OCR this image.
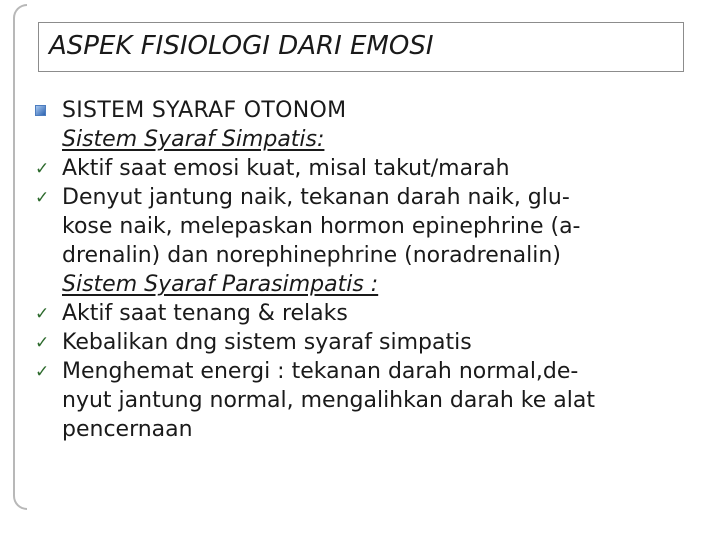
ASPEK FISIOLOGI DARI EMOSI
SISTEM SYARAF OTONOM
Sistem Syaraf Simpatis:
✓ Aktif saat emosi kuat, misal takut/marah
✓ Denyut jantung naik, tekanan darah naik, glu-
kose naik, melepaskan hormon epinephrine (a-
drenalin) dan norephinephrine (noradrenalin)
Sistem Syaraf Parasimpatis :
✓ Aktif saat tenang & relaks
✓ Kebalikan dng sistem syaraf simpatis
✓ Menghemat energi : tekanan darah normal,de-
nyut jantung normal, mengalihkan darah ke alat
pencernaan
